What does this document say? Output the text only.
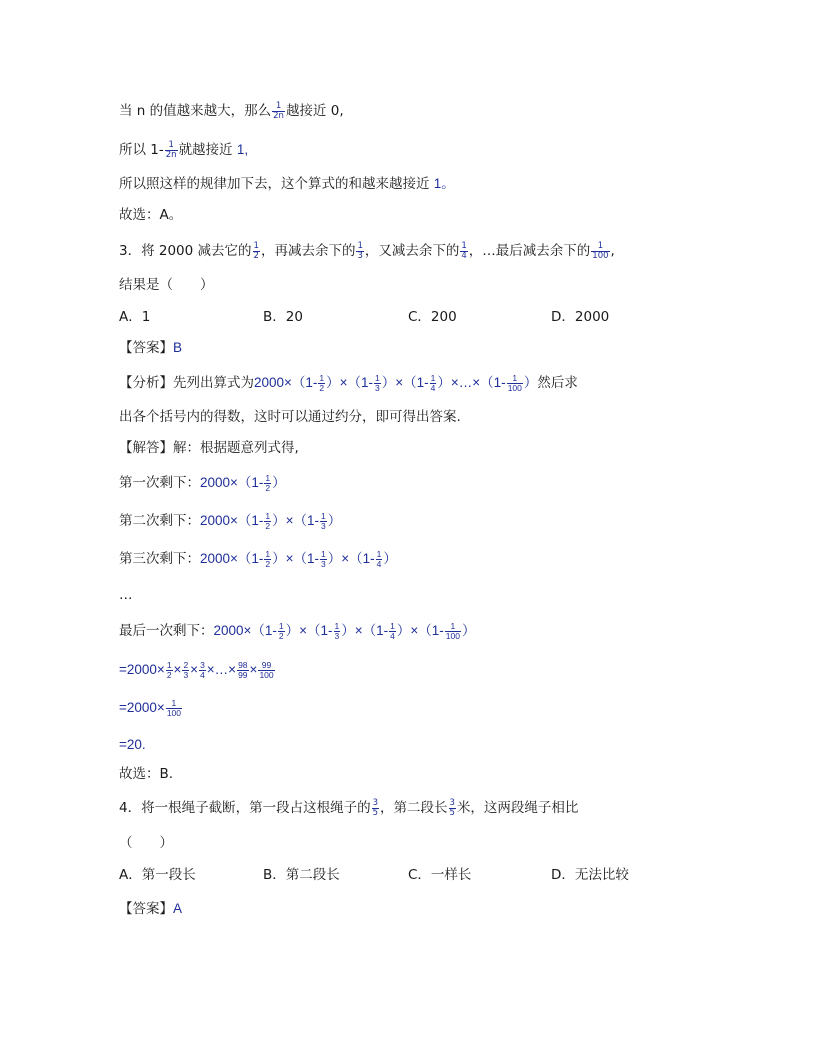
当 n 的值越来越大，那么 $\frac{1}{2n}$ 越接近 0,
所以 $1- \frac{1}{2n}$ 就越接近 1,
所以照这样的规律加下去，这个算式的和越来越接近 1。
故选：A。
3．将 2000 减去它的 $\frac{1}{2}$ ，再减去余下的 $\frac{1}{3}$ ，又减去余下的 $\frac{1}{4}$ ，…最后减去余下的 $\frac{1}{100}$ ,
结果是（　　）
A．1	B．20	C．200	D．2000
【答案】B
【分析】先列出算式为$2000\times(1- \frac{1}{2} )\times(1- \frac{1}{3} )\times(1- \frac{1}{4}$ ）×…×（1- $\frac{1}{100}$ ）然后求
出各个括号内的得数，这时可以通过约分，即可得出答案.
【解答】解：根据题意列式得,
第一次剩下：$2000\times(1- \frac{1}{2}$ ）
第二次剩下：$2000\times(1- \frac{1}{2} )\times(1- \frac{1}{3}$ ）
第三次剩下：$2000\times(1- \frac{1}{2} )\times(1- \frac{1}{3} )\times(1- \frac{1}{4}$ ）
…
最后一次剩下：$2000\times(1- \frac{1}{2} )\times(1- \frac{1}{3} )\times(1- \frac{1}{4} )\times(1- \frac{1}{100}$ ）
$=2000\times \frac{1}{2} \times \frac{2}{3} \times \frac{3}{4}$ ×…× $\frac{98}{99} \times \frac{99}{100}$
$=2000\times \frac{1}{100}$
=20.
故选：B.
4．将一根绳子截断，第一段占这根绳子的 $\frac{3}{5}$ ，第二段长 $\frac{3}{5}$ 米，这两段绳子相比
（　　）
A．第一段长	B．第二段长	C．一样长	D．无法比较
【答案】A
